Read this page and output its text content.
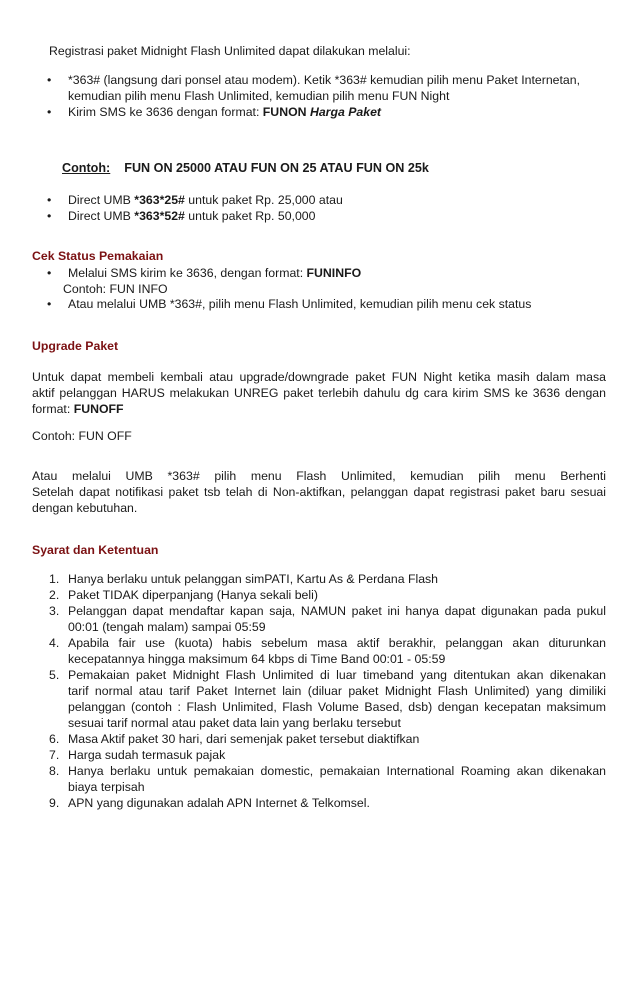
Registrasi paket Midnight Flash Unlimited dapat dilakukan melalui:
• *363# (langsung dari ponsel atau modem). Ketik *363# kemudian pilih menu Paket Internetan,
kemudian pilih menu Flash Unlimited, kemudian pilih menu FUN Night
• Kirim SMS ke 3636 dengan format: FUNON Harga Paket
Contoh: FUN ON 25000 ATAU FUN ON 25 ATAU FUN ON 25k
• Direct UMB *363*25# untuk paket Rp. 25,000 atau
• Direct UMB *363*52# untuk paket Rp. 50,000
Cek Status Pemakaian
• Melalui SMS kirim ke 3636, dengan format: FUNINFO
Contoh: FUN INFO
• Atau melalui UMB *363#, pilih menu Flash Unlimited, kemudian pilih menu cek status
Upgrade Paket
Untuk dapat membeli kembali atau upgrade/downgrade paket FUN Night ketika masih dalam masa
aktif pelanggan HARUS melakukan UNREG paket terlebih dahulu dg cara kirim SMS ke 3636 dengan
format: FUNOFF
Contoh: FUN OFF
Atau melalui UMB *363# pilih menu Flash Unlimited, kemudian pilih menu Berhenti
Setelah dapat notifikasi paket tsb telah di Non-aktifkan, pelanggan dapat registrasi paket baru sesuai
dengan kebutuhan.
Syarat dan Ketentuan
1. Hanya berlaku untuk pelanggan simPATI, Kartu As & Perdana Flash
2. Paket TIDAK diperpanjang (Hanya sekali beli)
3. Pelanggan dapat mendaftar kapan saja, NAMUN paket ini hanya dapat digunakan pada pukul
00:01 (tengah malam) sampai 05:59
4. Apabila fair use (kuota) habis sebelum masa aktif berakhir, pelanggan akan diturunkan
kecepatannya hingga maksimum 64 kbps di Time Band 00:01 - 05:59
5. Pemakaian paket Midnight Flash Unlimited di luar timeband yang ditentukan akan dikenakan
tarif normal atau tarif Paket Internet lain (diluar paket Midnight Flash Unlimited) yang dimiliki
pelanggan (contoh : Flash Unlimited, Flash Volume Based, dsb) dengan kecepatan maksimum
sesuai tarif normal atau paket data lain yang berlaku tersebut
6. Masa Aktif paket 30 hari, dari semenjak paket tersebut diaktifkan
7. Harga sudah termasuk pajak
8. Hanya berlaku untuk pemakaian domestic, pemakaian International Roaming akan dikenakan
biaya terpisah
9. APN yang digunakan adalah APN Internet & Telkomsel.
